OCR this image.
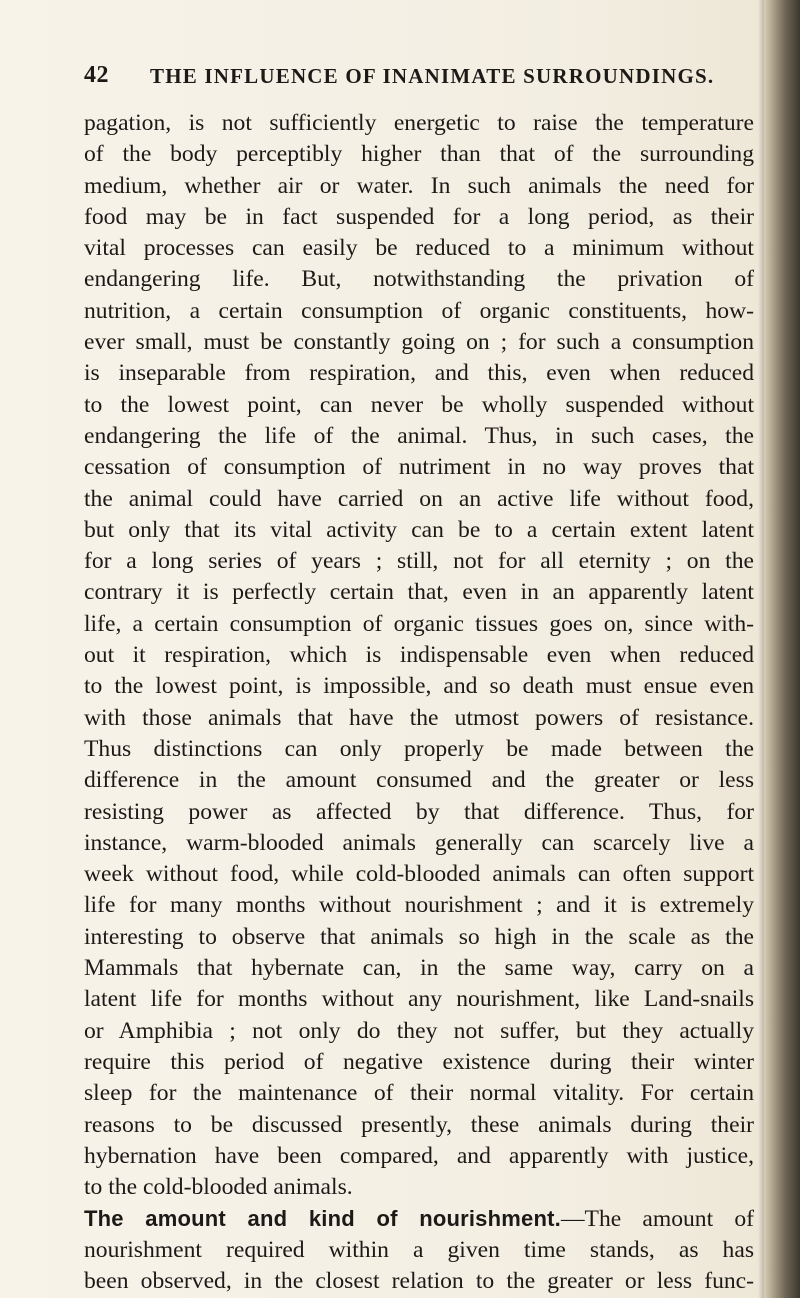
42 THE INFLUENCE OF INANIMATE SURROUNDINGS.
pagation, is not sufficiently energetic to raise the temperature
of the body perceptibly higher than that of the surrounding
medium, whether air or water. In such animals the need for
food may be in fact suspended for a long period, as their
vital processes can easily be reduced to a minimum without
endangering life. But, notwithstanding the privation of
nutrition, a certain consumption of organic constituents, how-
ever small, must be constantly going on ; for such a consumption
is inseparable from respiration, and this, even when reduced
to the lowest point, can never be wholly suspended without
endangering the life of the animal. Thus, in such cases, the
cessation of consumption of nutriment in no way proves that
the animal could have carried on an active life without food,
but only that its vital activity can be to a certain extent latent
for a long series of years ; still, not for all eternity ; on the
contrary it is perfectly certain that, even in an apparently latent
life, a certain consumption of organic tissues goes on, since with-
out it respiration, which is indispensable even when reduced
to the lowest point, is impossible, and so death must ensue even
with those animals that have the utmost powers of resistance.
Thus distinctions can only properly be made between the
difference in the amount consumed and the greater or less
resisting power as affected by that difference. Thus, for
instance, warm-blooded animals generally can scarcely live a
week without food, while cold-blooded animals can often support
life for many months without nourishment ; and it is extremely
interesting to observe that animals so high in the scale as the
Mammals that hybernate can, in the same way, carry on a
latent life for months without any nourishment, like Land-snails
or Amphibia ; not only do they not suffer, but they actually
require this period of negative existence during their winter
sleep for the maintenance of their normal vitality. For certain
reasons to be discussed presently, these animals during their
hybernation have been compared, and apparently with justice,
to the cold-blooded animals.
The amount and kind of nourishment.—The amount of
nourishment required within a given time stands, as has
been observed, in the closest relation to the greater or less func-
